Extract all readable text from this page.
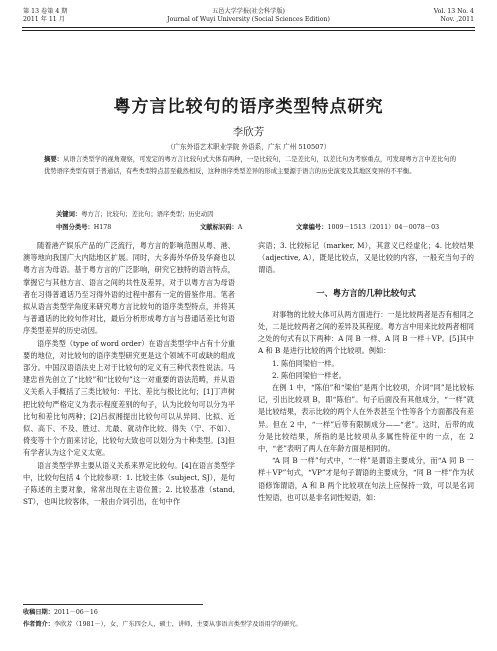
第 13 卷第 4 期
2011 年 11 月
五邑大学学报(社会科学版)
Journal of Wuyi University (Social Sciences Edition)
Vol. 13 No. 4
Nov. ,2011
粤方言比较句的语序类型特点研究
李欣芳
（广东外语艺术职业学院 外语系，广东 广州 510507）
摘要：从语言类型学的视角观察，可发定的粤方言比较句式大体有两种，一是比较句，二是差比句，以差比句为考察重点，可发现粤方言中差比句的优势语序类型有别于普通话，有些类型特点甚至截然相反，这种语序类型差异的形成主要源于语言的历史演变及其地区变异的不平衡。
关键词：粤方言；比较句；差比句；语序类型；历史动因
中图分类号：H178	文献标识码：A	文章编号：1009－1513（2011）04－0078－03

随着港产娱乐产品的广泛流行，粤方言的影响范围从粤、港、澳等地向我国广大内陆地区扩展。同时，大多海外华侨及华裔也以粤方言为母语。基于粤方言的广泛影响，研究它独特的语言特点，掌握它与其他方言、语言之间的共性及差异，对于以粤方言为母语者在习得普通话乃至习得外语的过程中都有一定的借鉴作用。笔者拟从语言类型学角度来研究粤方言比较句的语序类型特点，并将其与普通话的比较句作对比，最后分析形成粤方言与普通话差比句语序类型差异的历史动因。

语序类型（type of word order）在语言类型学中占有十分重要的地位，对比较句的语序类型研究更是这个领域不可或缺的组成部分。中国汉语语法史上对于比较句的定义有三种代表性说法。马建忠首先创立了“比较”和“比较句”这一对重要的语法范畴，并从语义关系入手概括了三类比较句：平比、差比与极比比句；[1]丁声树把比较句严格定义为表示程度差别的句子，认为比较句可以分为平比句和差比句两种；[2]吕叔湘提出比较句可以从异同、比拟、近似、高下、不及、胜过、尤最、就动作比较、得失（宁、不如）、倚变等十个方面来讨论，比较句大致也可以划分为十种类型。[3]但有学者认为这个定义太宽。

语言类型学界主要从语义关系来界定比较句。[4]在语言类型学中，比较句包括 4 个比较参项：1. 比较主体（subject, SJ），是句子陈述的主要对象，常常出现在主语位置；2. 比较基准（stand, ST），也叫比较客体，一般由介词引出，在句中作

宾语；3. 比较标记（marker, M），其意义已经虚化；4. 比较结果（adjective, A），既是比较点，又是比较的内容，一般充当句子的谓语。

一、粤方言的几种比较句式

对事物的比较大体可从两方面进行：一是比较两者是否有相同之处，二是比较两者之间的差异及其程度。粤方言中用来比较两者相同之处的句式有以下两种：A 同 B 一样、A 同 B 一样＋VP。[5]其中 A 和 B 是进行比较的两个比较项。例如：

1. 陈伯同梁伯一样。

2. 陈伯同梁伯一样老。

在例 1 中，“陈伯”和“梁伯”是两个比较项，介词“同”是比较标记，引出比较项 B，即“陈伯”。句子后面没有其他成分，“一样”就是比较结果，表示比较的两个人在外表甚至个性等各个方面都没有差异。但在 2 中，“一样”后带有限制成分——“老”。这时，后带的成分是比较结果，所指的是比较项从多属性特征中的一点，在 2 中，“老”表明了两人在年龄方面是相同的。

“A 同 B 一样”句式中，“一样”是谓语主要成分，而“A 同 B 一样＋VP”句式，“VP”才是句子谓语的主要成分，“同 B 一样”作为状语修饰谓语，A 和 B 两个比较项在句法上应保持一致，可以是名词性短语，也可以是非名词性短语，如：

收稿日期：2011－06－16
作者简介：李欣芳（1981－），女，广东四会人，硕士，讲师，主要从事语言类型学及语用学的研究。
